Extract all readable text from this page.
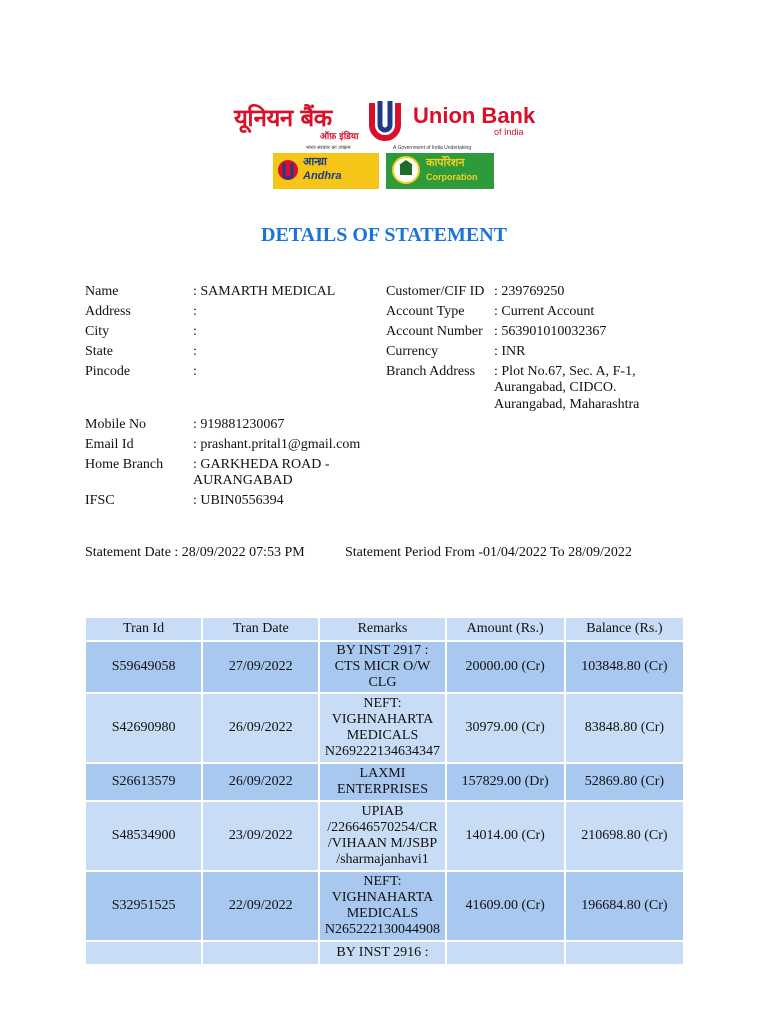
यूनियन बैंक
ऑफ़ इंडिया
Union Bank
of India
भारत सरकार का उपक्रम	A Government of India Undertaking
आन्ध्रा
Andhra
कार्पोरेशन
Corporation
DETAILS OF STATEMENT
Name	: SAMARTH MEDICAL
Address	:
City	:
State	:
Pincode	:
Customer/CIF ID : 239769250
Account Type : Current Account
Account Number : 563901010032367
Currency	: INR
Branch Address : Plot No.67, Sec. A, F-1,
Aurangabad, CIDCO.
Aurangabad, Maharashtra
Mobile No	: 919881230067
Email Id	: prashant.prital1@gmail.com
Home Branch : GARKHEDA ROAD -
AURANGABAD
IFSC	: UBIN0556394
Statement Date : 28/09/2022 07:53 PM	Statement Period From -01/04/2022 To 28/09/2022
Tran Id	Tran Date	Remarks	Amount (Rs.)	Balance (Rs.)
S59649058	27/09/2022	BY INST 2917 :
CTS MICR O/W
CLG	20000.00 (Cr)	103848.80 (Cr)
S42690980	26/09/2022	NEFT:
VIGHNAHARTA
MEDICALS
N269222134634347	30979.00 (Cr)	83848.80 (Cr)
S26613579	26/09/2022	LAXMI
ENTERPRISES	157829.00 (Dr)	52869.80 (Cr)
S48534900	23/09/2022	UPIAB
/226646570254/CR
/VIHAAN M/JSBP
/sharmajanhavi1	14014.00 (Cr)	210698.80 (Cr)
S32951525	22/09/2022	NEFT:
VIGHNAHARTA
MEDICALS
N265222130044908	41609.00 (Cr)	196684.80 (Cr)

		BY INST 2916 :		
